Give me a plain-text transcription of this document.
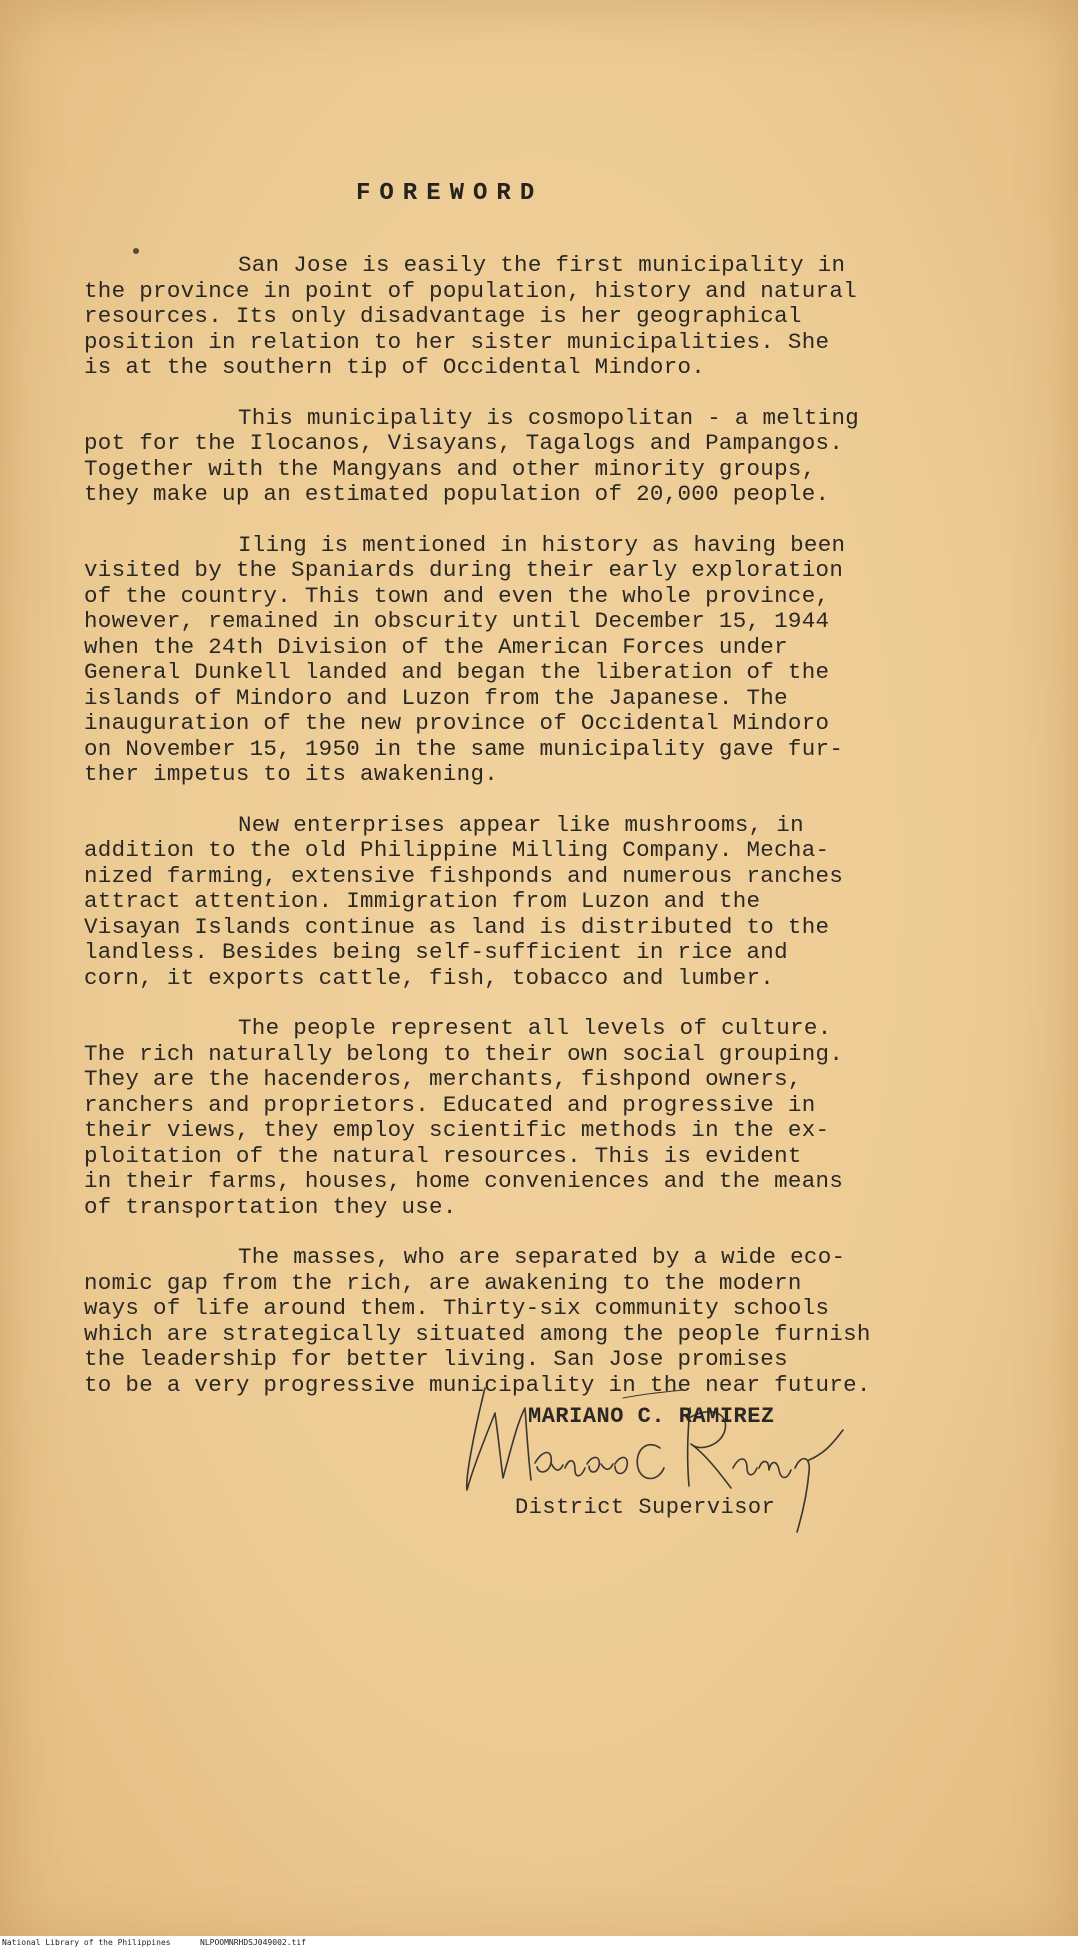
FOREWORD

San Jose is easily the first municipality in
the province in point of population, history and natural
resources. Its only disadvantage is her geographical
position in relation to her sister municipalities. She
is at the southern tip of Occidental Mindoro.

This municipality is cosmopolitan - a melting
pot for the Ilocanos, Visayans, Tagalogs and Pampangos.
Together with the Mangyans and other minority groups,
they make up an estimated population of 20,000 people.

Iling is mentioned in history as having been
visited by the Spaniards during their early exploration
of the country. This town and even the whole province,
however, remained in obscurity until December 15, 1944
when the 24th Division of the American Forces under
General Dunkell landed and began the liberation of the
islands of Mindoro and Luzon from the Japanese. The
inauguration of the new province of Occidental Mindoro
on November 15, 1950 in the same municipality gave fur-
ther impetus to its awakening.

New enterprises appear like mushrooms, in
addition to the old Philippine Milling Company. Mecha-
nized farming, extensive fishponds and numerous ranches
attract attention. Immigration from Luzon and the
Visayan Islands continue as land is distributed to the
landless. Besides being self-sufficient in rice and
corn, it exports cattle, fish, tobacco and lumber.

The people represent all levels of culture.
The rich naturally belong to their own social grouping.
They are the hacenderos, merchants, fishpond owners,
ranchers and proprietors. Educated and progressive in
their views, they employ scientific methods in the ex-
ploitation of the natural resources. This is evident
in their farms, houses, home conveniences and the means
of transportation they use.

The masses, who are separated by a wide eco-
nomic gap from the rich, are awakening to the modern
ways of life around them. Thirty-six community schools
which are strategically situated among the people furnish
the leadership for better living. San Jose promises
to be a very progressive municipality in the near future.

MARIANO C. RAMIREZ
District Supervisor
National Library of the Philippines	NLPOOMNRHDSJ049002.tif
